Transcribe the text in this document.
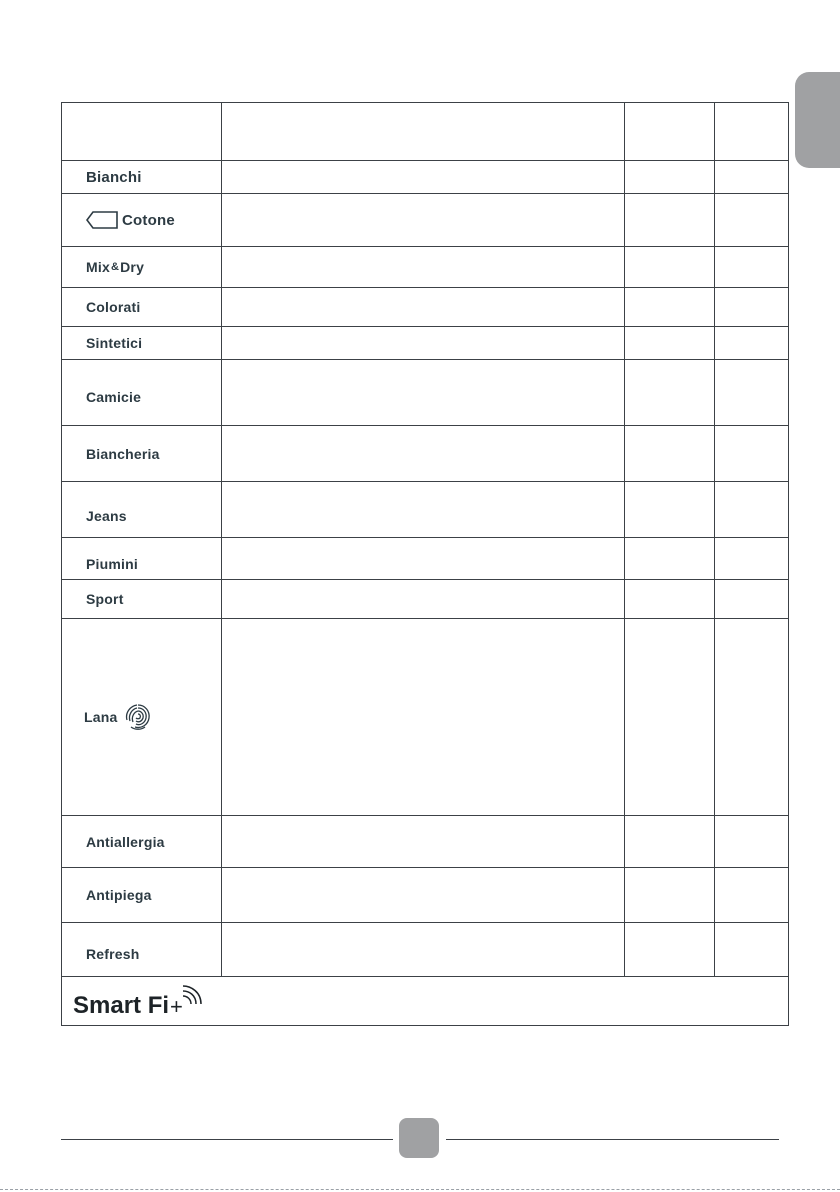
Bianchi			

Cotone			

Mix & Dry			

Colorati			

Sintetici			

Camicie			

Biancheria			

Jeans			

Piumini			

Sport			

Lana			

Antiallergia			

Antipiega			

Refresh			

Smart Fi +			
